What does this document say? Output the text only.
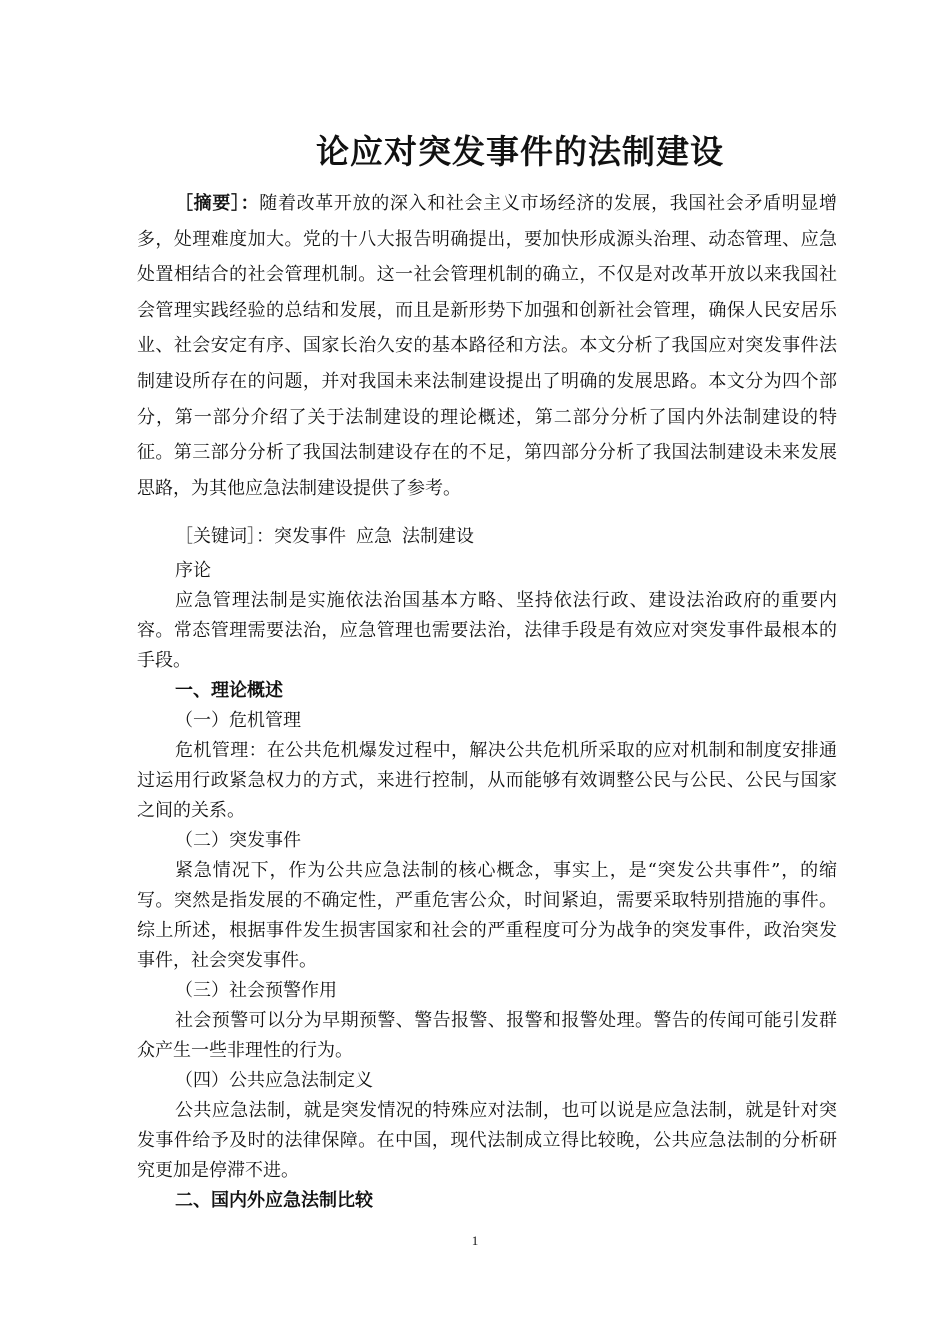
论应对突发事件的法制建设
［摘要］：随着改革开放的深入和社会主义市场经济的发展，我国社会矛盾明显增多，处理难度加大。党的十八大报告明确提出，要加快形成源头治理、动态管理、应急处置相结合的社会管理机制。这一社会管理机制的确立，不仅是对改革开放以来我国社会管理实践经验的总结和发展，而且是新形势下加强和创新社会管理，确保人民安居乐业、社会安定有序、国家长治久安的基本路径和方法。本文分析了我国应对突发事件法制建设所存在的问题，并对我国未来法制建设提出了明确的发展思路。本文分为四个部分，第一部分介绍了关于法制建设的理论概述，第二部分分析了国内外法制建设的特征。第三部分分析了我国法制建设存在的不足，第四部分分析了我国法制建设未来发展思路，为其他应急法制建设提供了参考。
［关键词］：突发事件 应急 法制建设
序论

应急管理法制是实施依法治国基本方略、坚持依法行政、建设法治政府的重要内容。常态管理需要法治，应急管理也需要法治，法律手段是有效应对突发事件最根本的手段。

一、理论概述
（一）危机管理

危机管理：在公共危机爆发过程中，解决公共危机所采取的应对机制和制度安排通过运用行政紧急权力的方式，来进行控制，从而能够有效调整公民与公民、公民与国家之间的关系。

（二）突发事件

紧急情况下，作为公共应急法制的核心概念，事实上，是“突发公共事件”，的缩写。突然是指发展的不确定性，严重危害公众，时间紧迫，需要采取特别措施的事件。综上所述，根据事件发生损害国家和社会的严重程度可分为战争的突发事件，政治突发事件，社会突发事件。

（三）社会预警作用

社会预警可以分为早期预警、警告报警、报警和报警处理。警告的传闻可能引发群众产生一些非理性的行为。

（四）公共应急法制定义

公共应急法制，就是突发情况的特殊应对法制，也可以说是应急法制，就是针对突发事件给予及时的法律保障。在中国，现代法制成立得比较晚，公共应急法制的分析研究更加是停滞不进。

二、国内外应急法制比较
1
